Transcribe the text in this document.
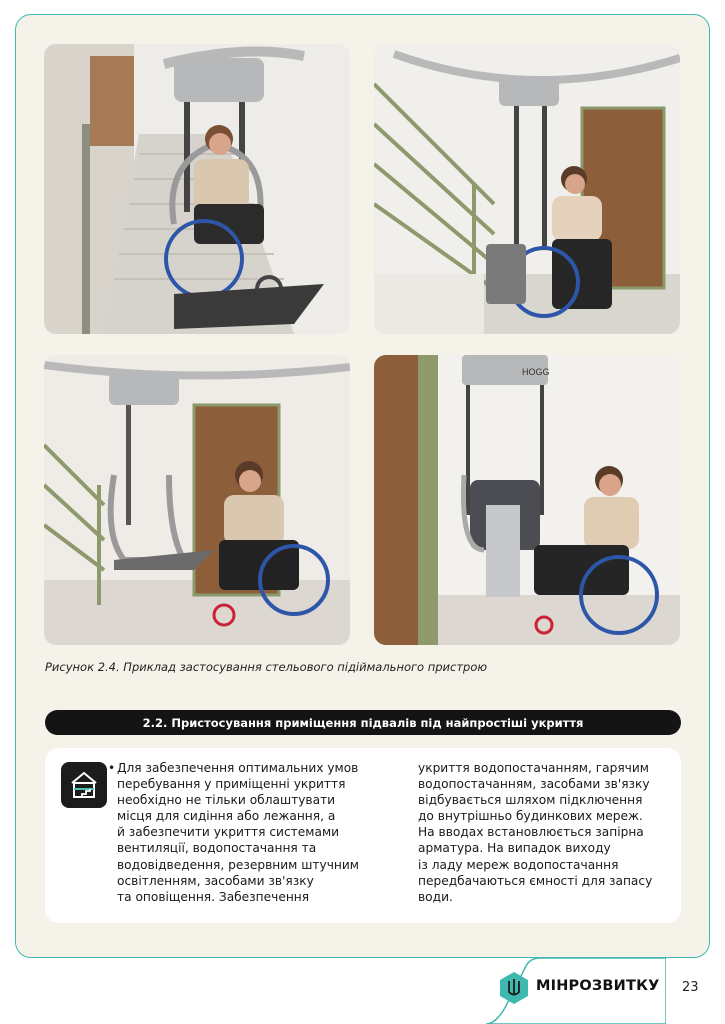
HOGG
Рисунок 2.4. Приклад застосування стельового підіймального пристрою
2.2. Пристосування приміщення підвалів під найпростіші укриття
• Для забезпечення оптимальних умов

перебування у приміщенні укриття

необхідно не тільки облаштувати

місця для сидіння або лежання, а

й забезпечити укриття системами

вентиляції, водопостачання та

водовідведення, резервним штучним

освітленням, засобами зв'язку

та оповіщення. Забезпечення

укриття водопостачанням, гарячим

водопостачанням, засобами зв'язку

відбувається шляхом підключення

до внутрішньо будинкових мереж.

На вводах встановлюється запірна

арматура. На випадок виходу

із ладу мереж водопостачання

передбачаються ємності для запасу

води.

МІНРОЗВИТКУ 23
